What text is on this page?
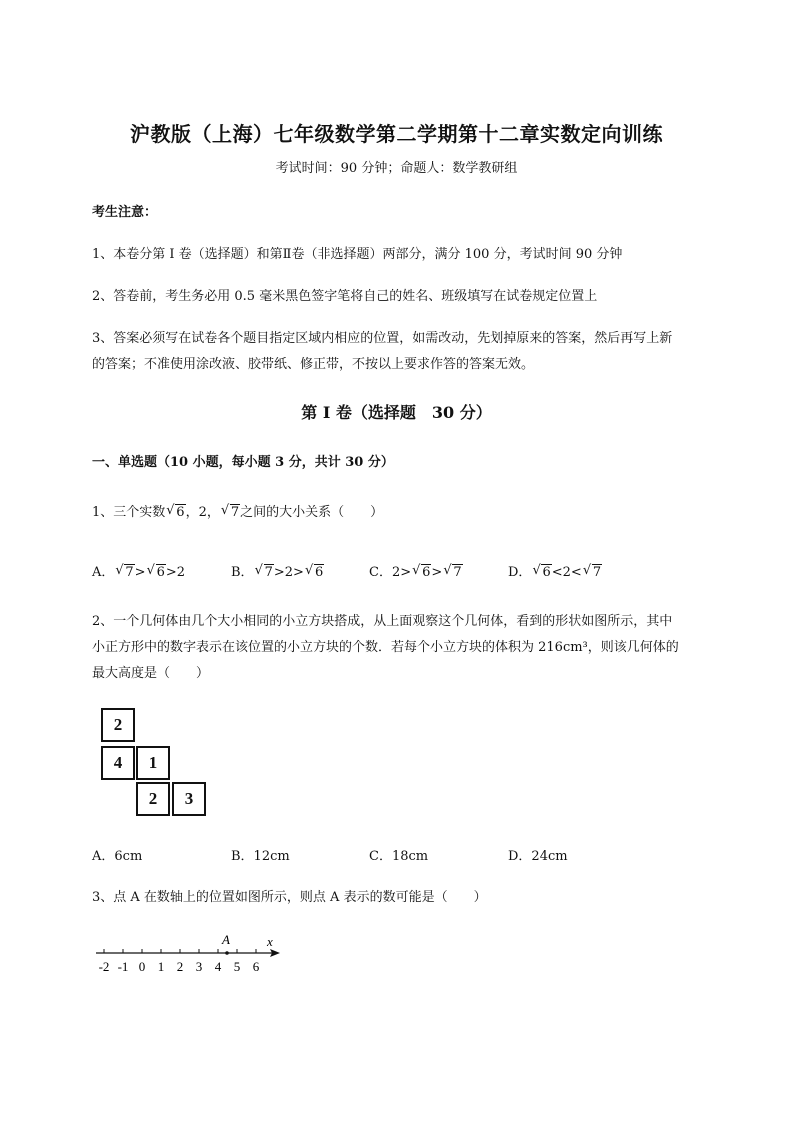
沪教版（上海）七年级数学第二学期第十二章实数定向训练
考试时间：90 分钟；命题人：数学教研组
考生注意：
1、本卷分第 I 卷（选择题）和第Ⅱ卷（非选择题）两部分，满分 100 分，考试时间 90 分钟
2、答卷前，考生务必用 0.5 毫米黑色签字笔将自己的姓名、班级填写在试卷规定位置上
3、答案必须写在试卷各个题目指定区域内相应的位置，如需改动，先划掉原来的答案，然后再写上新
的答案；不准使用涂改液、胶带纸、修正带，不按以上要求作答的答案无效。
第 I 卷（选择题　30 分）
一、单选题（10 小题，每小题 3 分，共计 30 分）
1、三个实数 √ 6，2， √ 7之间的大小关系（　　）
A． √ 7> √ 6>2	B． √ 7>2> √ 6	C．2> √ 6> √ 7	D． √ 6<2< √ 7
2、一个几何体由几个大小相同的小立方块搭成，从上面观察这个几何体，看到的形状如图所示，其中
小正方形中的数字表示在该位置的小立方块的个数．若每个小立方块的体积为 216cm³，则该几何体的
最大高度是（　　）
2
4	1
2	3
A．6cm	B．12cm	C．18cm	D．24cm
3、点 A 在数轴上的位置如图所示，则点 A 表示的数可能是（　　）
-2 -1 0 1 2 3 4 5 6
A	x
